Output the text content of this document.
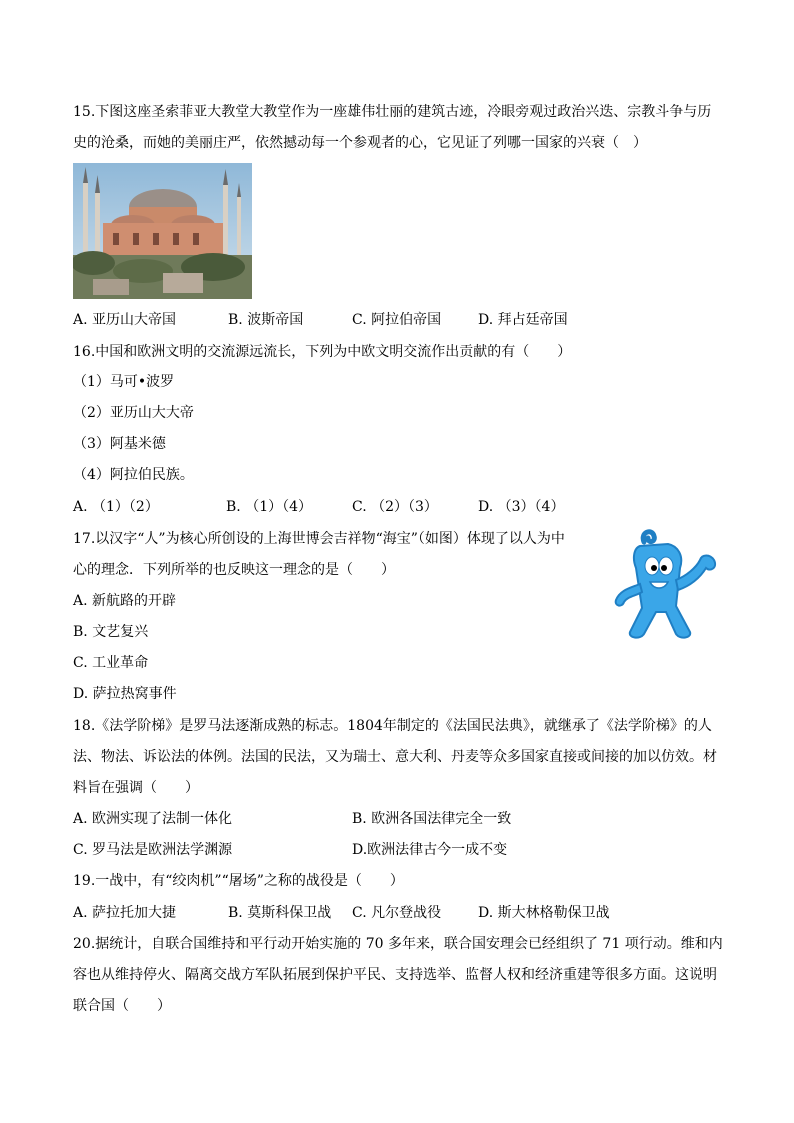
15.下图这座圣索菲亚大教堂大教堂作为一座雄伟壮丽的建筑古迹，冷眼旁观过政治兴迭、宗教斗争与历
史的沧桑，而她的美丽庄严，依然撼动每一个参观者的心，它见证了列哪一国家的兴衰（　）
A. 亚历山大帝国	B. 波斯帝国	C. 阿拉伯帝国	D. 拜占廷帝国
16.中国和欧洲文明的交流源远流长，下列为中欧文明交流作出贡献的有（　　）
（1）马可•波罗
（2）亚历山大大帝
（3）阿基米德
（4）阿拉伯民族。
A. （1）（2）	B. （1）（4）	C. （2）（3）	D. （3）（4）
17.以汉字“人”为核心所创设的上海世博会吉祥物“海宝”（如图）体现了以人为中
心的理念．下列所举的也反映这一理念的是（　　）
A. 新航路的开辟
B. 文艺复兴
C. 工业革命
D. 萨拉热窝事件
18.《法学阶梯》是罗马法逐渐成熟的标志。1804年制定的《法国民法典》，就继承了《法学阶梯》的人
法、物法、诉讼法的体例。法国的民法，又为瑞士、意大利、丹麦等众多国家直接或间接的加以仿效。材
料旨在强调（　　）
A. 欧洲实现了法制一体化	B. 欧洲各国法律完全一致
C. 罗马法是欧洲法学渊源	D.欧洲法律古今一成不变
19.一战中，有“绞肉机”“屠场”之称的战役是（　　）
A. 萨拉托加大捷	B. 莫斯科保卫战 C. 凡尔登战役	D. 斯大林格勒保卫战
20.据统计，自联合国维持和平行动开始实施的 70 多年来，联合国安理会已经组织了 71 项行动。维和内
容也从维持停火、隔离交战方军队拓展到保护平民、支持选举、监督人权和经济重建等很多方面。这说明
联合国（　　）
